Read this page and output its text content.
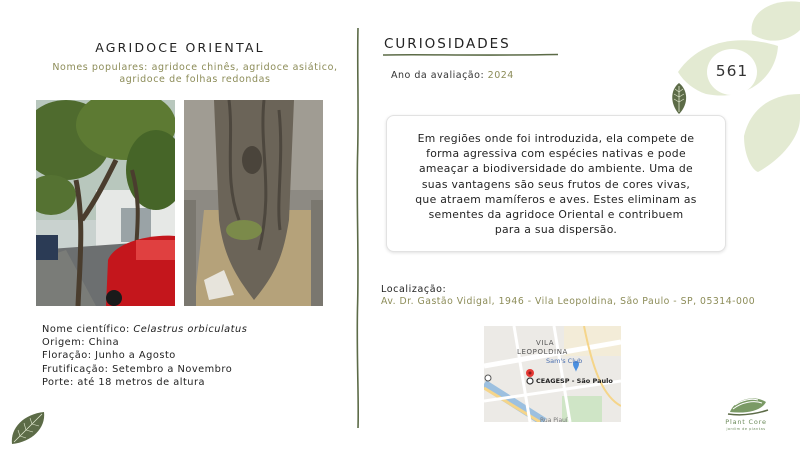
AGRIDOCE ORIENTAL
Nomes populares: agridoce chinês, agridoce asiático,
agridoce de folhas redondas
Nome científico: Celastrus orbiculatus
Origem: China
Floração: Junho a Agosto
Frutificação: Setembro a Novembro
Porte: até 18 metros de altura
CURIOSIDADES
Ano da avaliação: 2024
Em regiões onde foi introduzida, ela compete de
forma agressiva com espécies nativas e pode
ameaçar a biodiversidade do ambiente. Uma de
suas vantagens são seus frutos de cores vivas,
que atraem mamíferos e aves. Estes eliminam as
sementes da agridoce Oriental e contribuem
para a sua dispersão.
Localização:
Av. Dr. Gastão Vidigal, 1946 - Vila Leopoldina, São Paulo - SP, 05314-000
VILA
LEOPOLDINA
Sam's Club
CEAGESP - São Paulo
Rua Piauí
561
Plant Core
jardim de plantas
